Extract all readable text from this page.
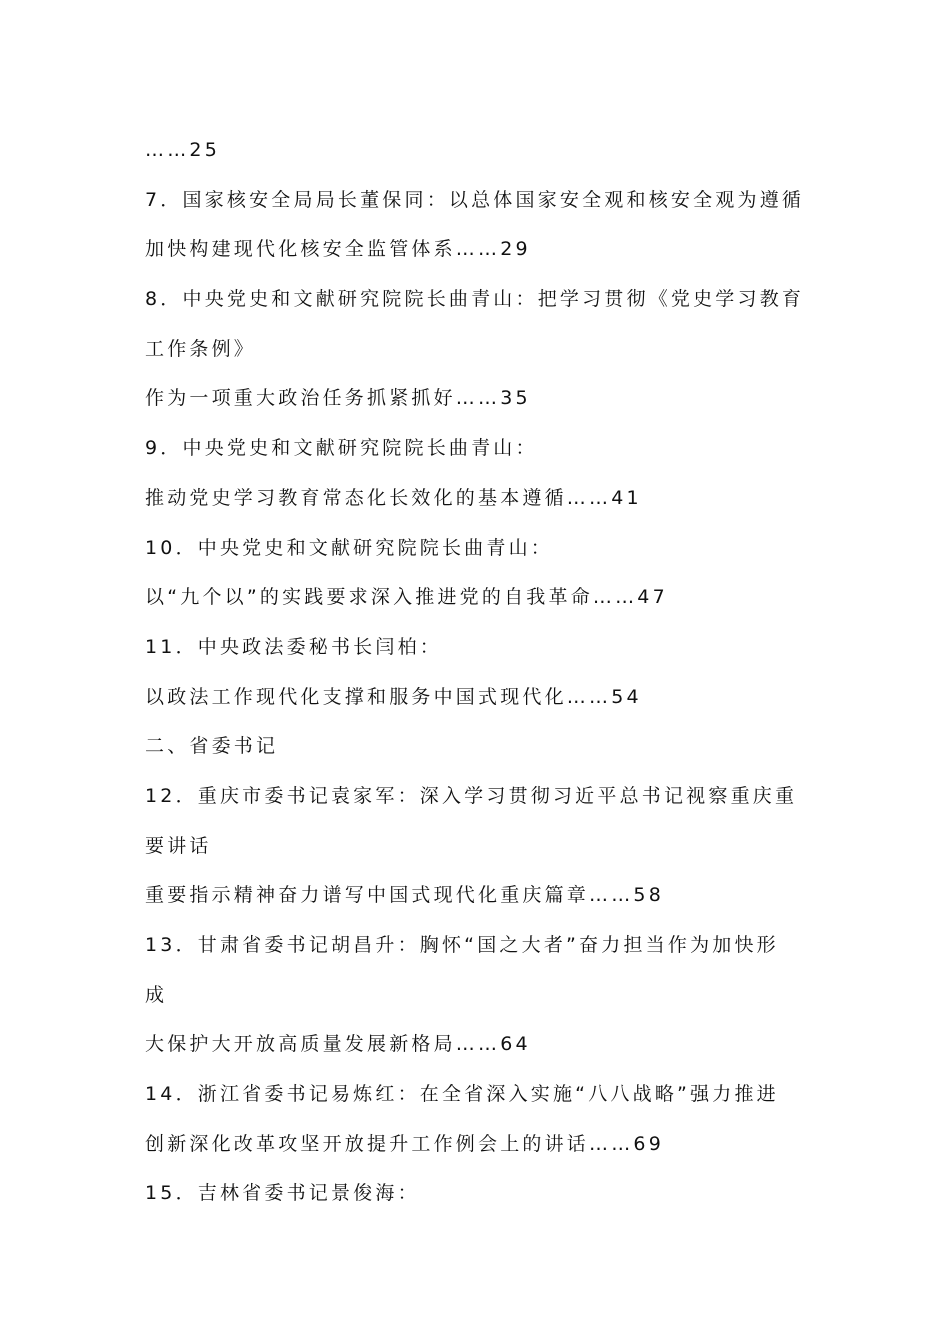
……25
7．国家核安全局局长董保同：以总体国家安全观和核安全观为遵循
加快构建现代化核安全监管体系……29
8．中央党史和文献研究院院长曲青山：把学习贯彻《党史学习教育
工作条例》
作为一项重大政治任务抓紧抓好……35
9．中央党史和文献研究院院长曲青山：
推动党史学习教育常态化长效化的基本遵循……41
10．中央党史和文献研究院院长曲青山：
以“九个以”的实践要求深入推进党的自我革命……47
11．中央政法委秘书长闫柏：
以政法工作现代化支撑和服务中国式现代化……54
二、省委书记
12．重庆市委书记袁家军：深入学习贯彻习近平总书记视察重庆重
要讲话
重要指示精神奋力谱写中国式现代化重庆篇章……58
13．甘肃省委书记胡昌升：胸怀“国之大者”奋力担当作为加快形
成
大保护大开放高质量发展新格局……64
14．浙江省委书记易炼红：在全省深入实施“八八战略”强力推进
创新深化改革攻坚开放提升工作例会上的讲话……69
15．吉林省委书记景俊海：
